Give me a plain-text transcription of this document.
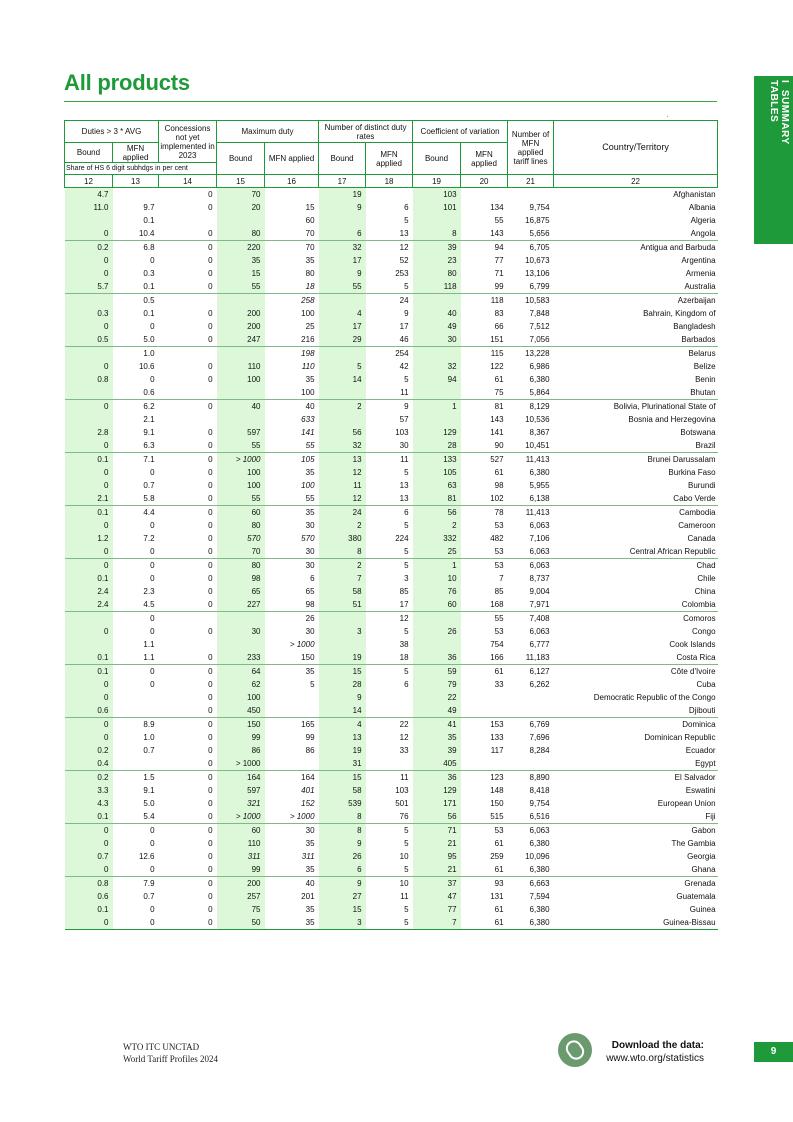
All products	I  SUMMARY
TABLES
·
Duties > 3 * AVG		Concessions not yet implemented in 2023	Maximum duty		Number of distinct duty rates		Coefficient of variation		Number of MFN applied tariff lines	Country/Territory
Bound	MFN applied		Bound	MFN applied	Bound	MFN applied	Bound	MFN applied		
Share of HS 6 digit subhdgs in per cent										
12	13	14	15	16	17	18	19	20	21	22
4.7		0	70		19		103			Afghanistan
11.0	9.7	0	20	15	9	6	101	134	9,754	Albania
	0.1			60		5		55	16,875	Algeria
0	10.4	0	80	70	6	13	8	143	5,656	Angola
0.2	6.8	0	220	70	32	12	39	94	6,705	Antigua and Barbuda
0	0	0	35	35	17	52	23	77	10,673	Argentina
0	0.3	0	15	80	9	253	80	71	13,106	Armenia
5.7	0.1	0	55	18	55	5	118	99	6,799	Australia
	0.5			258		24		118	10,583	Azerbaijan
0.3	0.1	0	200	100	4	9	40	83	7,848	Bahrain, Kingdom of
0	0	0	200	25	17	17	49	66	7,512	Bangladesh
0.5	5.0	0	247	216	29	46	30	151	7,056	Barbados
	1.0			198		254		115	13,228	Belarus
0	10.6	0	110	110	5	42	32	122	6,986	Belize
0.8	0	0	100	35	14	5	94	61	6,380	Benin
	0.6			100		11		75	5,864	Bhutan
0	6.2	0	40	40	2	9	1	81	8,129	Bolivia, Plurinational State of
	2.1			633		57		143	10,536	Bosnia and Herzegovina
2.8	9.1	0	597	141	56	103	129	141	8,367	Botswana
0	6.3	0	55	55	32	30	28	90	10,451	Brazil
0.1	7.1	0	> 1000	105	13	11	133	527	11,413	Brunei Darussalam
0	0	0	100	35	12	5	105	61	6,380	Burkina Faso
0	0.7	0	100	100	11	13	63	98	5,955	Burundi
2.1	5.8	0	55	55	12	13	81	102	6,138	Cabo Verde
0.1	4.4	0	60	35	24	6	56	78	11,413	Cambodia
0	0	0	80	30	2	5	2	53	6,063	Cameroon
1.2	7.2	0	570	570	380	224	332	482	7,106	Canada
0	0	0	70	30	8	5	25	53	6,063	Central African Republic
0	0	0	80	30	2	5	1	53	6,063	Chad
0.1	0	0	98	6	7	3	10	7	8,737	Chile
2.4	2.3	0	65	65	58	85	76	85	9,004	China
2.4	4.5	0	227	98	51	17	60	168	7,971	Colombia
	0			26		12		55	7,408	Comoros
0	0	0	30	30	3	5	26	53	6,063	Congo
	1.1			> 1000		38		754	6,777	Cook Islands
0.1	1.1	0	233	150	19	18	36	166	11,183	Costa Rica
0.1	0	0	64	35	15	5	59	61	6,127	Côte d'Ivoire
0	0	0	62	5	28	6	79	33	6,262	Cuba
0		0	100		9		22			Democratic Republic of the Congo
0.6		0	450		14		49			Djibouti
0	8.9	0	150	165	4	22	41	153	6,769	Dominica
0	1.0	0	99	99	13	12	35	133	7,696	Dominican Republic
0.2	0.7	0	86	86	19	33	39	117	8,284	Ecuador
0.4		0	> 1000		31		405			Egypt
0.2	1.5	0	164	164	15	11	36	123	8,890	El Salvador
3.3	9.1	0	597	401	58	103	129	148	8,418	Eswatini
4.3	5.0	0	321	152	539	501	171	150	9,754	European Union
0.1	5.4	0	> 1000	> 1000	8	76	56	515	6,516	Fiji
0	0	0	60	30	8	5	71	53	6,063	Gabon
0	0	0	110	35	9	5	21	61	6,380	The Gambia
0.7	12.6	0	311	311	26	10	95	259	10,096	Georgia
0	0	0	99	35	6	5	21	61	6,380	Ghana
0.8	7.9	0	200	40	9	10	37	93	6,663	Grenada
0.6	0.7	0	257	201	27	11	47	131	7,594	Guatemala
0.1	0	0	75	35	15	5	77	61	6,380	Guinea
0	0	0	50	35	3	5	7	61	6,380	Guinea-Bissau
WTO ITC UNCTAD
World Tariff Profiles 2024
Download the data:
www.wto.org/statistics
9
